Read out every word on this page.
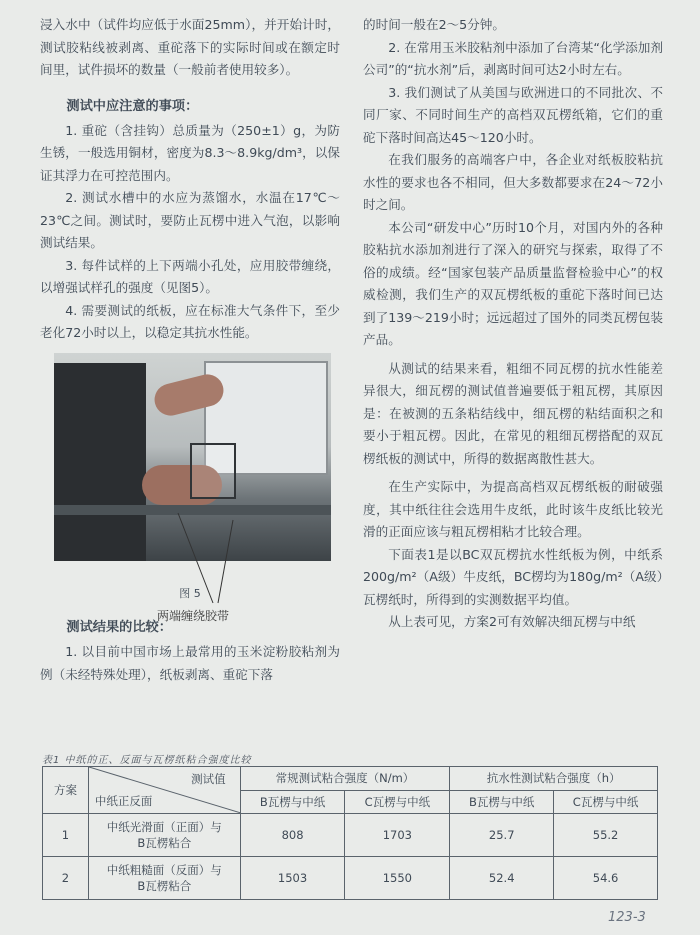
浸入水中（试件均应低于水面25mm），并开始计时，测试胶粘线被剥离、重砣落下的实际时间或在额定时间里，试件损坏的数量（一般前者使用较多）。

测试中应注意的事项：

1. 重砣（含挂钩）总质量为（250±1）g，为防生锈，一般选用铜材，密度为8.3～8.9kg/dm³，以保证其浮力在可控范围内。

2. 测试水槽中的水应为蒸馏水，水温在17℃～23℃之间。测试时，要防止瓦楞中进入气泡，以影响测试结果。

3. 每件试样的上下两端小孔处，应用胶带缠绕，以增强试样孔的强度（见图5）。

4. 需要测试的纸板，应在标准大气条件下，至少老化72小时以上，以稳定其抗水性能。

图 5
测试结果的比较：

1. 以目前中国市场上最常用的玉米淀粉胶粘剂为例（未经特殊处理），纸板剥离、重砣下落

两端缠绕胶带

的时间一般在2～5分钟。

2. 在常用玉米胶粘剂中添加了台湾某“化学添加剂公司”的“抗水剂”后，剥离时间可达2小时左右。

3. 我们测试了从美国与欧洲进口的不同批次、不同厂家、不同时间生产的高档双瓦楞纸箱，它们的重砣下落时间高达45～120小时。

在我们服务的高端客户中，各企业对纸板胶粘抗水性的要求也各不相同，但大多数都要求在24～72小时之间。

本公司“研发中心”历时10个月，对国内外的各种胶粘抗水添加剂进行了深入的研究与探索，取得了不俗的成绩。经“国家包装产品质量监督检验中心”的权威检测，我们生产的双瓦楞纸板的重砣下落时间已达到了139～219小时；远远超过了国外的同类瓦楞包装产品。

从测试的结果来看，粗细不同瓦楞的抗水性能差异很大，细瓦楞的测试值普遍要低于粗瓦楞，其原因是：在被测的五条粘结线中，细瓦楞的粘结面积之和要小于粗瓦楞。因此，在常见的粗细瓦楞搭配的双瓦楞纸板的测试中，所得的数据离散性甚大。

在生产实际中，为提高高档双瓦楞纸板的耐破强度，其中纸往往会选用牛皮纸，此时该牛皮纸比较光滑的正面应该与粗瓦楞相粘才比较合理。

下面表1是以BC双瓦楞抗水性纸板为例，中纸系200g/m²（A级）牛皮纸，BC楞均为180g/m²（A级）瓦楞纸时，所得到的实测数据平均值。

从上表可见，方案2可有效解决细瓦楞与中纸

表1 中纸的正、反面与瓦楞纸粘合强度比较
方案	测试值
中纸正反面	常规测试粘合强度（N/m）		抗水性测试粘合强度（h）	
		B瓦楞与中纸	C瓦楞与中纸	B瓦楞与中纸	C瓦楞与中纸
1	中纸光滑面（正面）与
B瓦楞粘合	808	1703	25.7	55.2
2	中纸粗糙面（反面）与
B瓦楞粘合	1503	1550	52.4	54.6
123-3
